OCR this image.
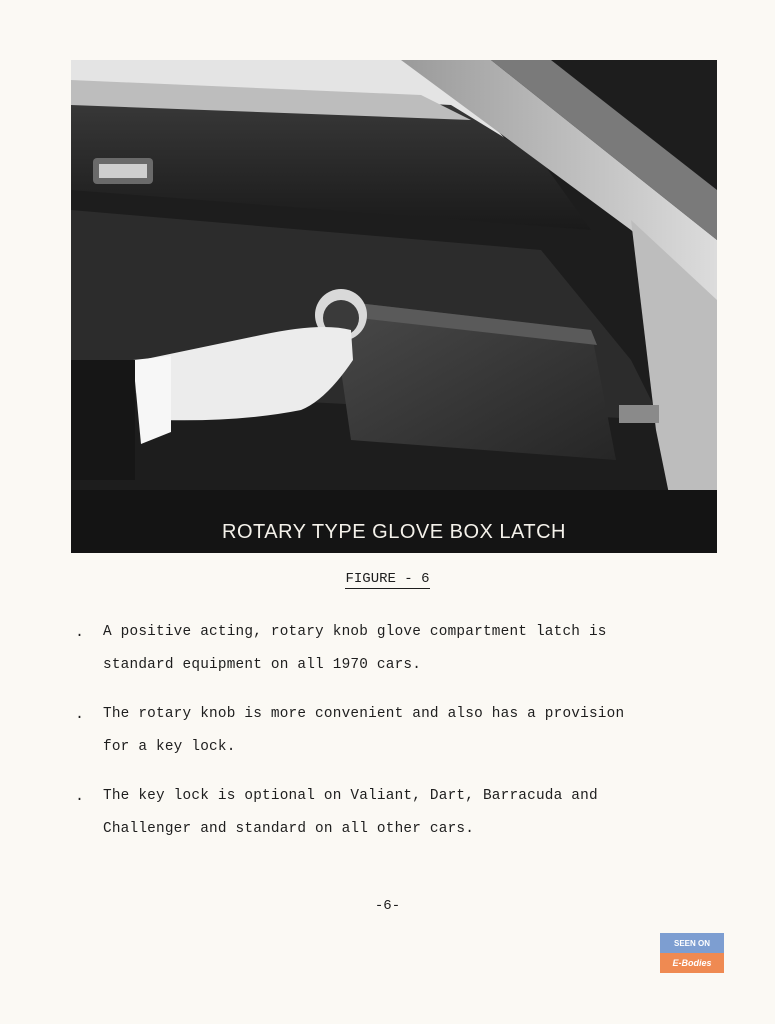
ROTARY TYPE GLOVE BOX LATCH
FIGURE - 6
. A positive acting, rotary knob glove compartment latch is
standard equipment on all 1970 cars.
. The rotary knob is more convenient and also has a provision
for a key lock.
. The key lock is optional on Valiant, Dart, Barracuda and
Challenger and standard on all other cars.
-6-
SEEN ON
E-Bodies
